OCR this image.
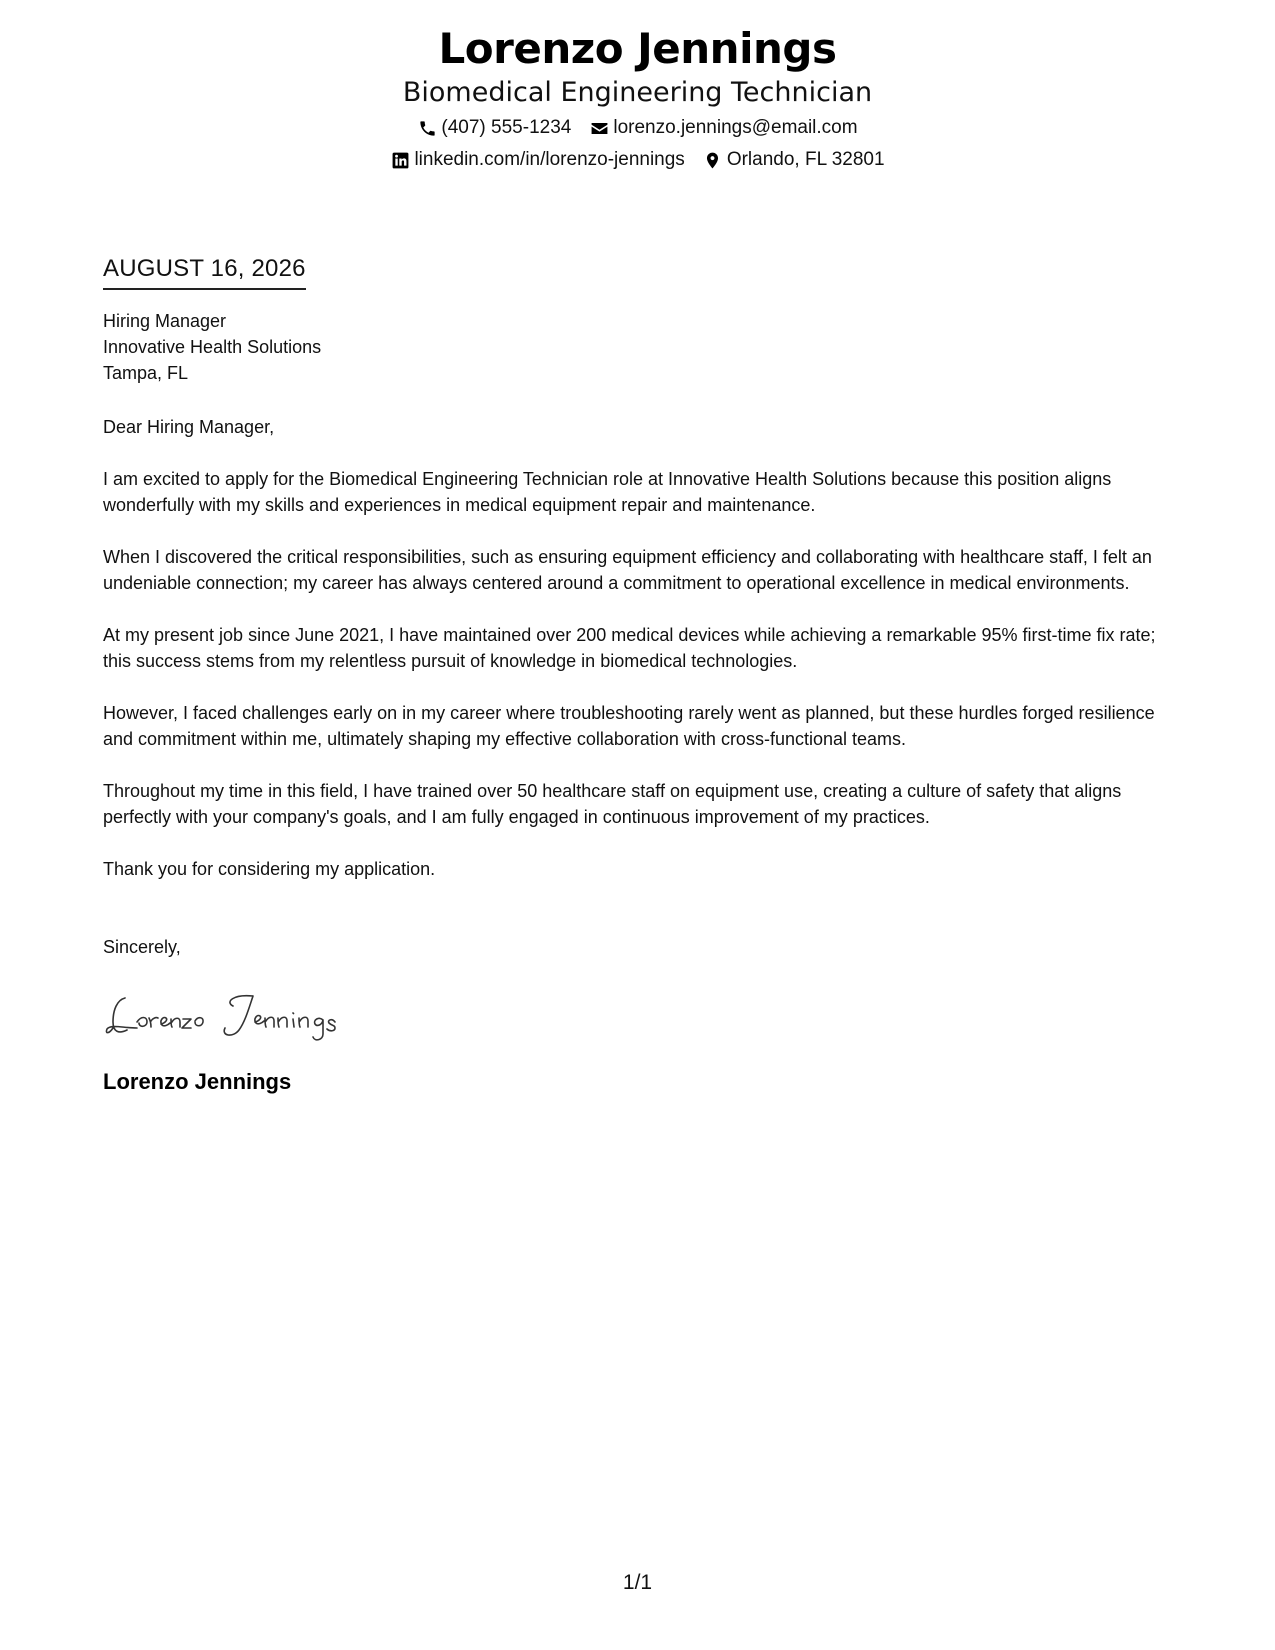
Lorenzo Jennings
Biomedical Engineering Technician
(407) 555-1234 lorenzo.jennings@email.com
linkedin.com/in/lorenzo-jennings Orlando, FL 32801
AUGUST 16, 2026
Hiring Manager
Innovative Health Solutions
Tampa, FL
Dear Hiring Manager,
I am excited to apply for the Biomedical Engineering Technician role at Innovative Health Solutions because this position aligns wonderfully with my skills and experiences in medical equipment repair and maintenance.
When I discovered the critical responsibilities, such as ensuring equipment efficiency and collaborating with healthcare staff, I felt an undeniable connection; my career has always centered around a commitment to operational excellence in medical environments.
At my present job since June 2021, I have maintained over 200 medical devices while achieving a remarkable 95% first-time fix rate; this success stems from my relentless pursuit of knowledge in biomedical technologies.
However, I faced challenges early on in my career where troubleshooting rarely went as planned, but these hurdles forged resilience and commitment within me, ultimately shaping my effective collaboration with cross-functional teams.
Throughout my time in this field, I have trained over 50 healthcare staff on equipment use, creating a culture of safety that aligns perfectly with your company's goals, and I am fully engaged in continuous improvement of my practices.
Thank you for considering my application.
Sincerely,
Lorenzo Jennings
1/1
